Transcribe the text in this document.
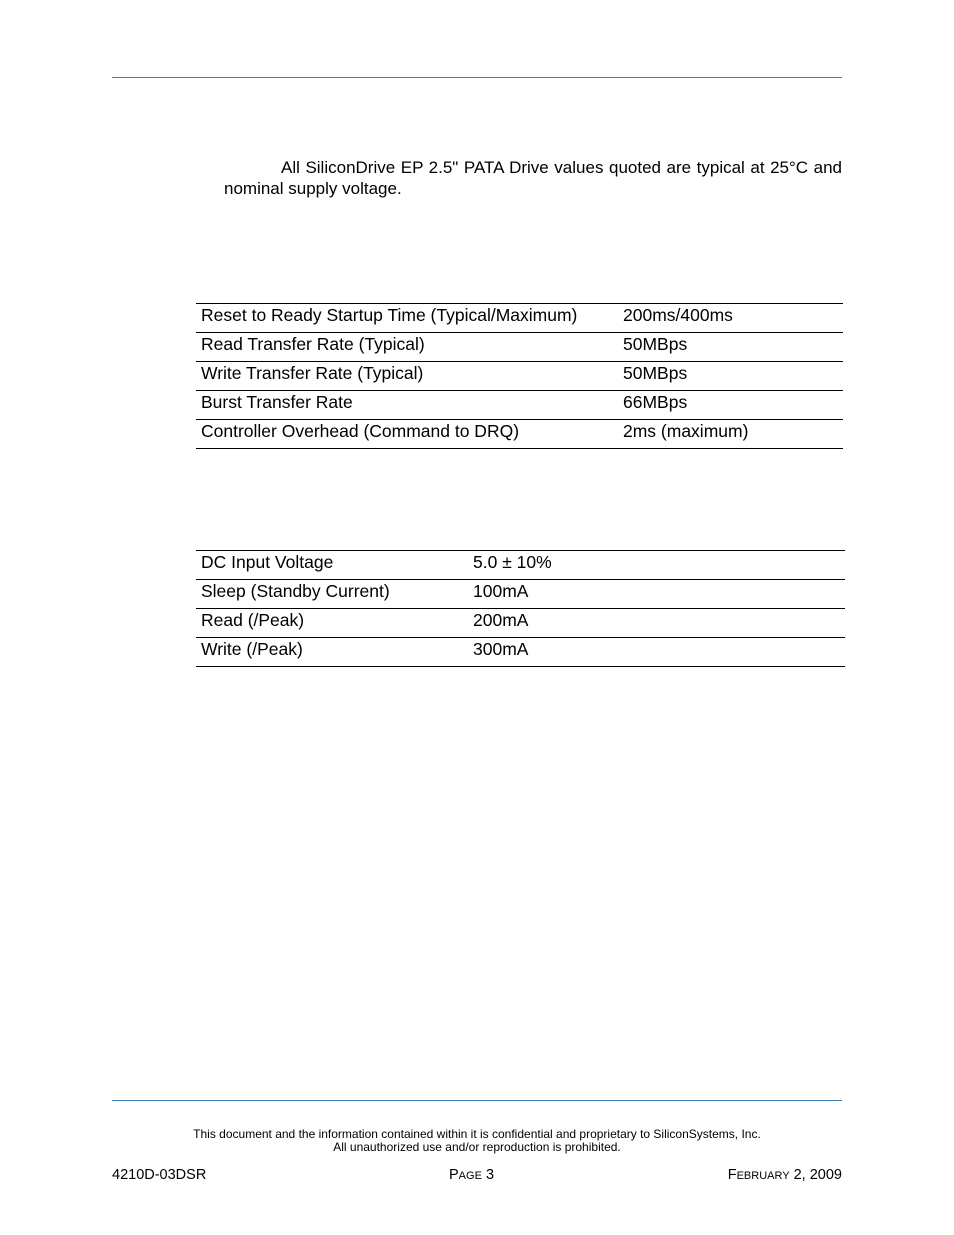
All SiliconDrive EP 2.5" PATA Drive values quoted are typical at 25°C and nominal supply voltage.

Reset to Ready Startup Time (Typical/Maximum)	200ms/400ms
Read Transfer Rate (Typical)	50MBps
Write Transfer Rate (Typical)	50MBps
Burst Transfer Rate	66MBps
Controller Overhead (Command to DRQ)	2ms (maximum)
DC Input Voltage	5.0 ± 10%
Sleep (Standby Current)	100mA
Read (/Peak)	200mA
Write (/Peak)	300mA
This document and the information contained within it is confidential and proprietary to SiliconSystems, Inc.
All unauthorized use and/or reproduction is prohibited.
4210D-03DSR	PAGE 3	FEBRUARY 2, 2009
